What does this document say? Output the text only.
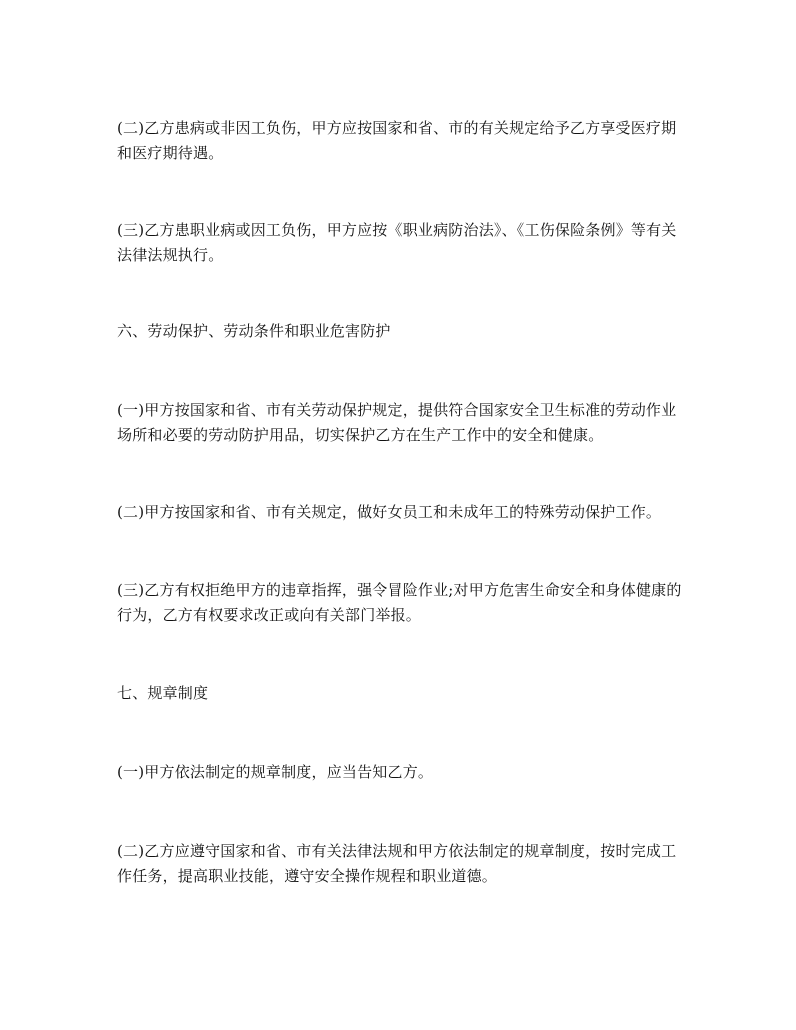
(二)乙方患病或非因工负伤，甲方应按国家和省、市的有关规定给予乙方享受医疗期和医疗期待遇。

(三)乙方患职业病或因工负伤，甲方应按《职业病防治法》、《工伤保险条例》等有关法律法规执行。

六、劳动保护、劳动条件和职业危害防护

(一)甲方按国家和省、市有关劳动保护规定，提供符合国家安全卫生标准的劳动作业场所和必要的劳动防护用品，切实保护乙方在生产工作中的安全和健康。

(二)甲方按国家和省、市有关规定，做好女员工和未成年工的特殊劳动保护工作。

(三)乙方有权拒绝甲方的违章指挥，强令冒险作业;对甲方危害生命安全和身体健康的行为，乙方有权要求改正或向有关部门举报。

七、规章制度

(一)甲方依法制定的规章制度，应当告知乙方。

(二)乙方应遵守国家和省、市有关法律法规和甲方依法制定的规章制度，按时完成工作任务，提高职业技能，遵守安全操作规程和职业道德。
